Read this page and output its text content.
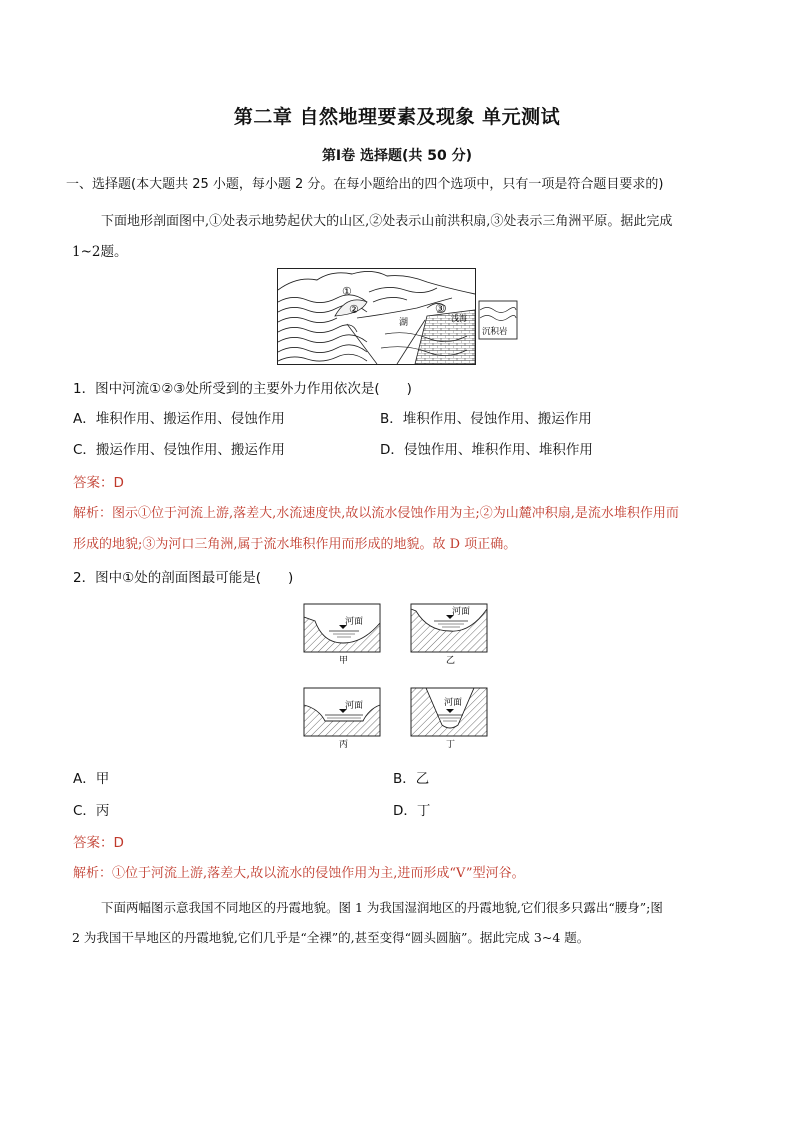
第二章 自然地理要素及现象 单元测试
第Ⅰ卷 选择题(共 50 分)
一、选择题(本大题共 25 小题，每小题 2 分。在每小题给出的四个选项中，只有一项是符合题目要求的)
下面地形剖面图中,①处表示地势起伏大的山区,②处表示山前洪积扇,③处表示三角洲平原。据此完成
1~2题。
①
②	③
湖	浅海
沉积岩
1．图中河流①②③处所受到的主要外力作用依次是(　　)
A．堆积作用、搬运作用、侵蚀作用	B．堆积作用、侵蚀作用、搬运作用
C．搬运作用、侵蚀作用、搬运作用	D．侵蚀作用、堆积作用、堆积作用
答案：D
解析：图示①位于河流上游,落差大,水流速度快,故以流水侵蚀作用为主;②为山麓冲积扇,是流水堆积作用而
形成的地貌;③为河口三角洲,属于流水堆积作用而形成的地貌。故 D 项正确。
2．图中①处的剖面图最可能是(　　)
河面
甲
河面
乙
河面
丙
河面
丁
A．甲	B．乙
C．丙	D．丁
答案：D
解析：①位于河流上游,落差大,故以流水的侵蚀作用为主,进而形成“V”型河谷。
下面两幅图示意我国不同地区的丹霞地貌。图 1 为我国湿润地区的丹霞地貌,它们很多只露出“腰身”;图
2 为我国干旱地区的丹霞地貌,它们几乎是“全裸”的,甚至变得“圆头圆脑”。据此完成 3~4 题。
